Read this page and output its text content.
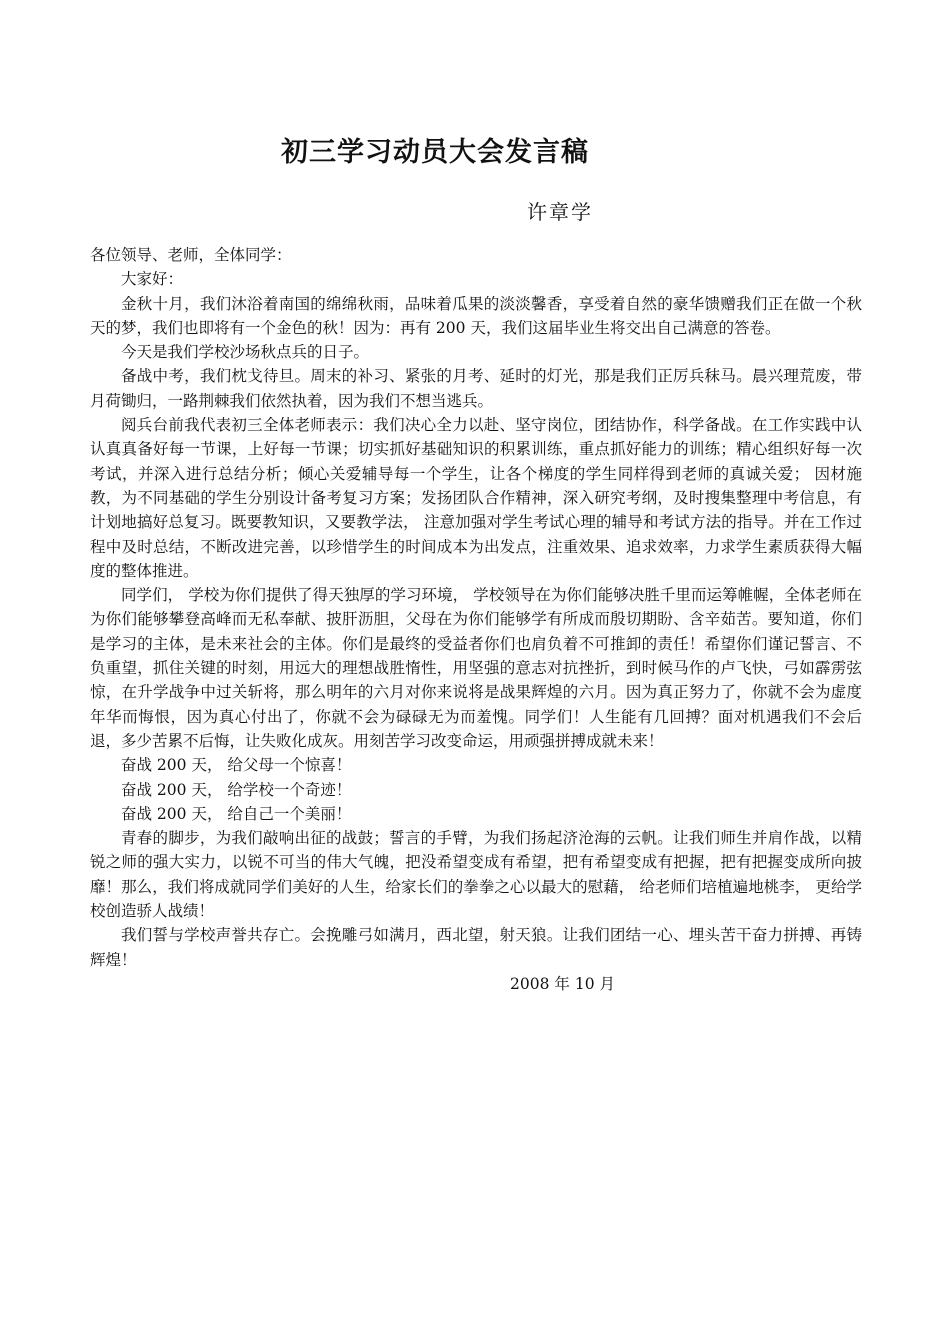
初三学习动员大会发言稿
许章学

各位领导、老师，全体同学：

大家好：

金秋十月，我们沐浴着南国的绵绵秋雨，品味着瓜果的淡淡馨香，享受着自然的豪华馈赠我们正在做一个秋天的梦，我们也即将有一个金色的秋！因为：再有 200 天，我们这届毕业生将交出自己满意的答卷。

今天是我们学校沙场秋点兵的日子。

备战中考，我们枕戈待旦。周末的补习、紧张的月考、延时的灯光，那是我们正厉兵秣马。晨兴理荒废，带月荷锄归，一路荆棘我们依然执着，因为我们不想当逃兵。

阅兵台前我代表初三全体老师表示：我们决心全力以赴、坚守岗位，团结协作，科学备战。在工作实践中认认真真备好每一节课，上好每一节课；切实抓好基础知识的积累训练，重点抓好能力的训练；精心组织好每一次考试，并深入进行总结分析；倾心关爱辅导每一个学生，让各个梯度的学生同样得到老师的真诚关爱； 因材施教，为不同基础的学生分别设计备考复习方案；发扬团队合作精神，深入研究考纲，及时搜集整理中考信息，有计划地搞好总复习。既要教知识，又要教学法， 注意加强对学生考试心理的辅导和考试方法的指导。并在工作过程中及时总结，不断改进完善，以珍惜学生的时间成本为出发点，注重效果、追求效率，力求学生素质获得大幅度的整体推进。

同学们， 学校为你们提供了得天独厚的学习环境， 学校领导在为你们能够决胜千里而运筹帷幄，全体老师在为你们能够攀登高峰而无私奉献、披肝沥胆，父母在为你们能够学有所成而殷切期盼、含辛茹苦。要知道，你们是学习的主体，是未来社会的主体。你们是最终的受益者你们也肩负着不可推卸的责任！希望你们谨记誓言、不负重望，抓住关键的时刻，用远大的理想战胜惰性，用坚强的意志对抗挫折，到时候马作的卢飞快，弓如霹雳弦惊，在升学战争中过关斩将，那么明年的六月对你来说将是战果辉煌的六月。因为真正努力了，你就不会为虚度年华而悔恨，因为真心付出了，你就不会为碌碌无为而羞愧。同学们！人生能有几回搏？面对机遇我们不会后退，多少苦累不后悔，让失败化成灰。用刻苦学习改变命运，用顽强拼搏成就未来！

奋战 200 天， 给父母一个惊喜！

奋战 200 天， 给学校一个奇迹！

奋战 200 天， 给自己一个美丽！

青春的脚步，为我们敲响出征的战鼓；誓言的手臂，为我们扬起济沧海的云帆。让我们师生并肩作战，以精锐之师的强大实力，以锐不可当的伟大气魄，把没希望变成有希望，把有希望变成有把握，把有把握变成所向披靡！那么，我们将成就同学们美好的人生，给家长们的拳拳之心以最大的慰藉， 给老师们培植遍地桃李， 更给学校创造骄人战绩！

我们誓与学校声誉共存亡。会挽雕弓如满月，西北望，射天狼。让我们团结一心、埋头苦干奋力拼搏、再铸辉煌！

2008 年 10 月
